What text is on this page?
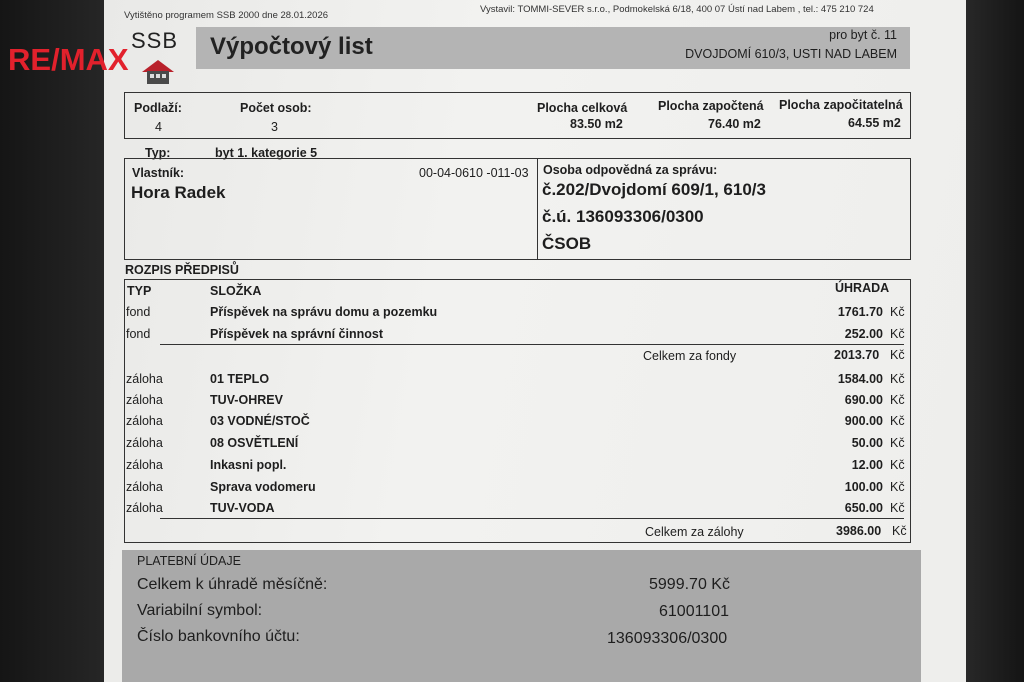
RE/MAX
SSB
Vytištěno programem SSB 2000 dne 28.01.2026
Vystavil: TOMMI-SEVER s.r.o., Podmokelská 6/18, 400 07 Ústí nad Labem , tel.: 475 210 724
Výpočtový list	pro byt č. 11
DVOJDOMÍ 610/3, USTI NAD LABEM
Podlaží:
4
Počet osob:
3
Plocha celková
83.50 m2
Plocha započtená
76.40 m2
Plocha započitatelná
64.55 m2
Typ:	byt 1. kategorie 5
Vlastník:	00-04-0610 -011-03
Hora Radek
Osoba odpovědná za správu:
č.202/Dvojdomí 609/1, 610/3
č.ú. 136093306/0300
ČSOB
ROZPIS PŘEDPISŮ
TYP	SLOŽKA	ÚHRADA
fond	Příspěvek na správu domu a pozemku	1761.70 Kč
fond	Příspěvek na správní činnost	252.00 Kč
Celkem za fondy	2013.70 Kč
záloha	01 TEPLO	1584.00 Kč
záloha	TUV-OHREV	690.00 Kč
záloha	03 VODNÉ/STOČ	900.00 Kč
záloha	08 OSVĚTLENÍ	50.00 Kč
záloha	Inkasni popl.	12.00 Kč
záloha	Sprava vodomeru	100.00 Kč
záloha	TUV-VODA	650.00 Kč
Celkem za zálohy	3986.00 Kč
PLATEBNÍ ÚDAJE
Celkem k úhradě měsíčně:	5999.70 Kč
Variabilní symbol:	61001101
Číslo bankovního účtu:	136093306/0300
